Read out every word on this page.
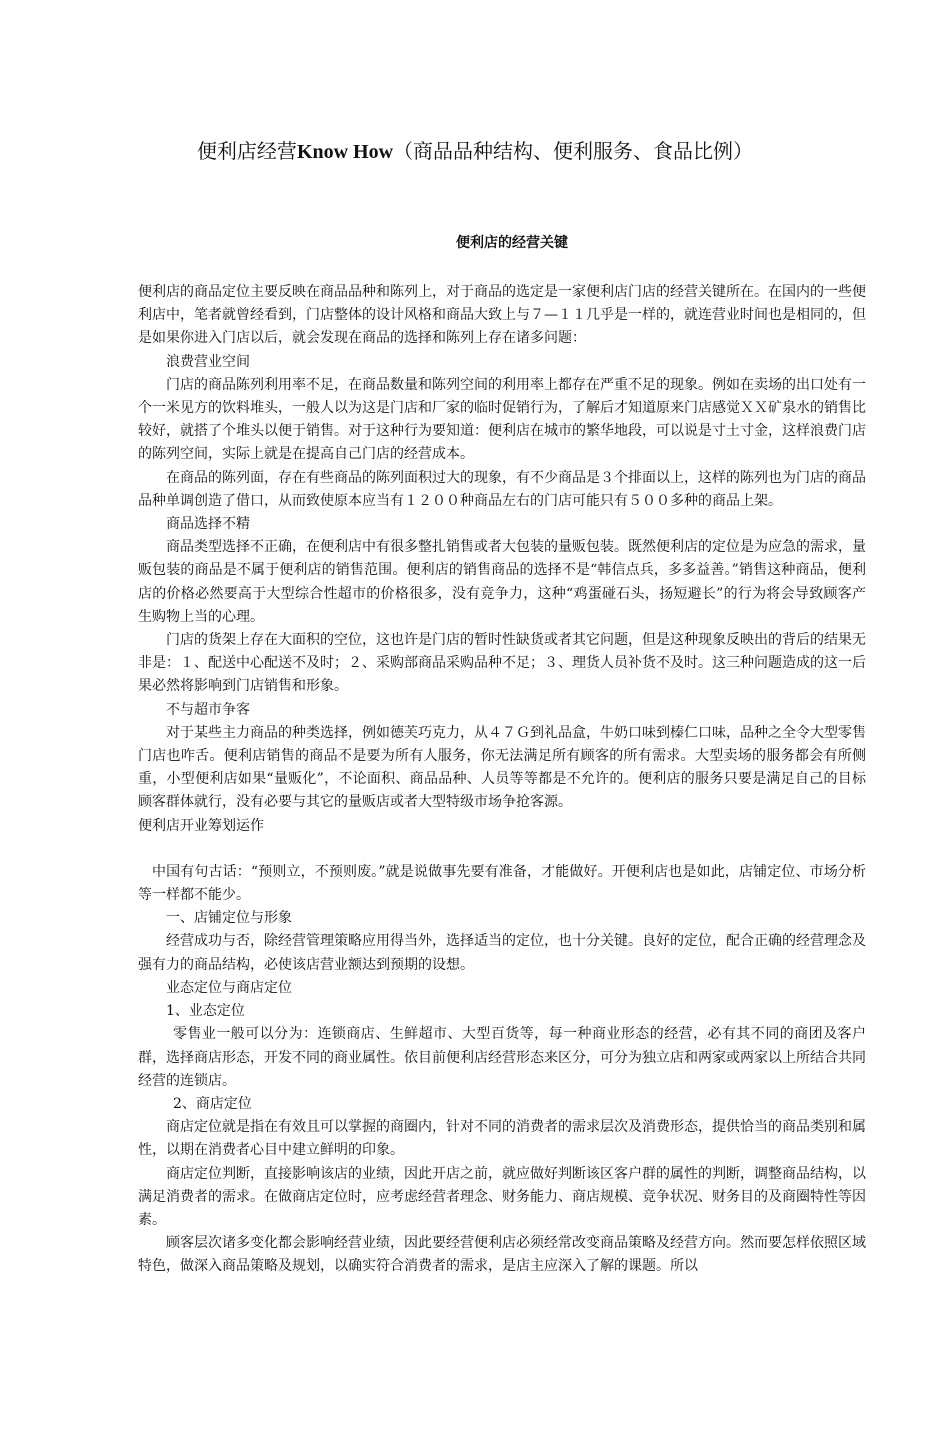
便利店经营Know How（商品品种结构、便利服务、食品比例）
便利店的经营关键

便利店的商品定位主要反映在商品品种和陈列上，对于商品的选定是一家便利店门店的经营关键所在。在国内的一些便利店中，笔者就曾经看到，门店整体的设计风格和商品大致上与７—１１几乎是一样的，就连营业时间也是相同的，但是如果你进入门店以后，就会发现在商品的选择和陈列上存在诸多问题：

浪费营业空间

门店的商品陈列利用率不足，在商品数量和陈列空间的利用率上都存在严重不足的现象。例如在卖场的出口处有一个一米见方的饮料堆头，一般人以为这是门店和厂家的临时促销行为，了解后才知道原来门店感觉ＸＸ矿泉水的销售比较好，就搭了个堆头以便于销售。对于这种行为要知道：便利店在城市的繁华地段，可以说是寸土寸金，这样浪费门店的陈列空间，实际上就是在提高自己门店的经营成本。

在商品的陈列面，存在有些商品的陈列面积过大的现象，有不少商品是３个排面以上，这样的陈列也为门店的商品品种单调创造了借口，从而致使原本应当有１２００种商品左右的门店可能只有５００多种的商品上架。

商品选择不精

商品类型选择不正确，在便利店中有很多整扎销售或者大包装的量贩包装。既然便利店的定位是为应急的需求，量贩包装的商品是不属于便利店的销售范围。便利店的销售商品的选择不是“韩信点兵，多多益善。”销售这种商品，便利店的价格必然要高于大型综合性超市的价格很多，没有竞争力，这种“鸡蛋碰石头，扬短避长”的行为将会导致顾客产生购物上当的心理。

门店的货架上存在大面积的空位，这也许是门店的暂时性缺货或者其它问题，但是这种现象反映出的背后的结果无非是：１、配送中心配送不及时；２、采购部商品采购品种不足；３、理货人员补货不及时。这三种问题造成的这一后果必然将影响到门店销售和形象。

不与超市争客

对于某些主力商品的种类选择，例如德芙巧克力，从４７Ｇ到礼品盒，牛奶口味到榛仁口味，品种之全令大型零售门店也咋舌。便利店销售的商品不是要为所有人服务，你无法满足所有顾客的所有需求。大型卖场的服务都会有所侧重，小型便利店如果“量贩化”，不论面积、商品品种、人员等等都是不允许的。便利店的服务只要是满足自己的目标顾客群体就行，没有必要与其它的量贩店或者大型特级市场争抢客源。

便利店开业筹划运作

中国有句古话：“预则立，不预则废。”就是说做事先要有准备，才能做好。开便利店也是如此，店铺定位、市场分析等一样都不能少。

一、店铺定位与形象

经营成功与否，除经营管理策略应用得当外，选择适当的定位，也十分关键。良好的定位，配合正确的经营理念及强有力的商品结构，必使该店营业额达到预期的设想。

业态定位与商店定位

1、业态定位

零售业一般可以分为：连锁商店、生鲜超市、大型百货等，每一种商业形态的经营，必有其不同的商团及客户群，选择商店形态，开发不同的商业属性。依目前便利店经营形态来区分，可分为独立店和两家或两家以上所结合共同经营的连锁店。

2、商店定位

商店定位就是指在有效且可以掌握的商圈内，针对不同的消费者的需求层次及消费形态，提供恰当的商品类别和属性，以期在消费者心目中建立鲜明的印象。

商店定位判断，直接影响该店的业绩，因此开店之前，就应做好判断该区客户群的属性的判断，调整商品结构，以满足消费者的需求。在做商店定位时，应考虑经营者理念、财务能力、商店规模、竞争状况、财务目的及商圈特性等因素。

顾客层次诸多变化都会影响经营业绩，因此要经营便利店必须经常改变商品策略及经营方向。然而要怎样依照区域特色，做深入商品策略及规划，以确实符合消费者的需求，是店主应深入了解的课题。所以
